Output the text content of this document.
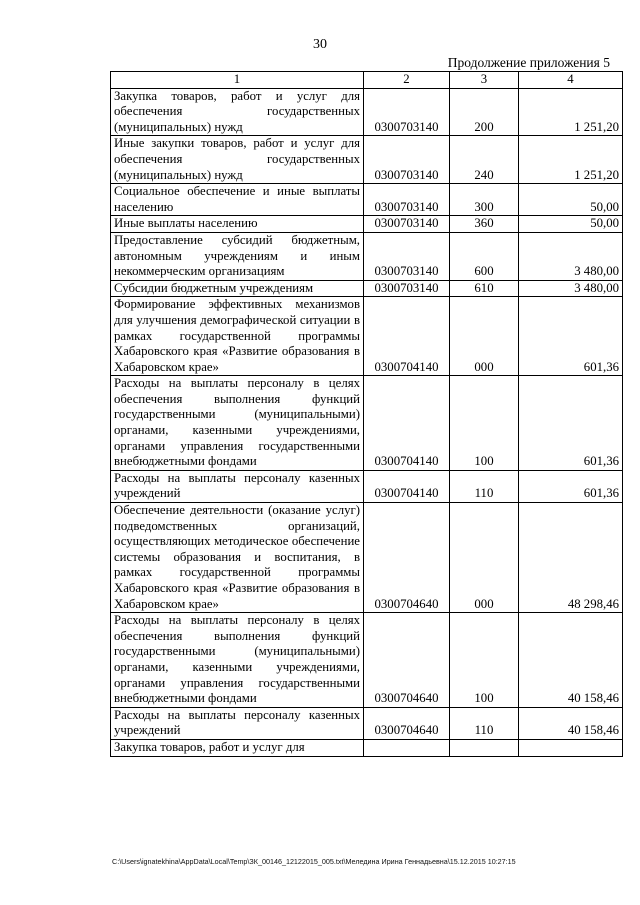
30
Продолжение приложения 5
1	2	3	4
Закупка товаров, работ и услуг для обеспечения государственных (муниципальных) нужд	0300703140	200	1 251,20
Иные закупки товаров, работ и услуг для обеспечения государственных (муниципальных) нужд	0300703140	240	1 251,20
Социальное обеспечение и иные выплаты населению	0300703140	300	50,00
Иные выплаты населению	0300703140	360	50,00
Предоставление субсидий бюджетным, автономным учреждениям и иным некоммерческим организациям	0300703140	600	3 480,00
Субсидии бюджетным учреждениям	0300703140	610	3 480,00
Формирование эффективных механизмов для улучшения демографической ситуации в рамках государственной программы Хабаровского края «Развитие образования в Хабаровском крае»	0300704140	000	601,36
Расходы на выплаты персоналу в целях обеспечения выполнения функций государственными (муниципальными) органами, казенными учреждениями, органами управления государственными внебюджетными фондами	0300704140	100	601,36
Расходы на выплаты персоналу казенных учреждений	0300704140	110	601,36
Обеспечение деятельности (оказание услуг) подведомственных организаций, осуществляющих методическое обеспечение системы образования и воспитания, в рамках государственной программы Хабаровского края «Развитие образования в Хабаровском крае»	0300704640	000	48 298,46
Расходы на выплаты персоналу в целях обеспечения выполнения функций государственными (муниципальными) органами, казенными учреждениями, органами управления государственными внебюджетными фондами	0300704640	100	40 158,46
Расходы на выплаты персоналу казенных учреждений	0300704640	110	40 158,46
Закупка товаров, работ и услуг для			
C:\Users\ignatekhina\AppData\Local\Temp\ЗК_00146_12122015_005.txt\Меледина Ирина Геннадьевна\15.12.2015 10:27:15
